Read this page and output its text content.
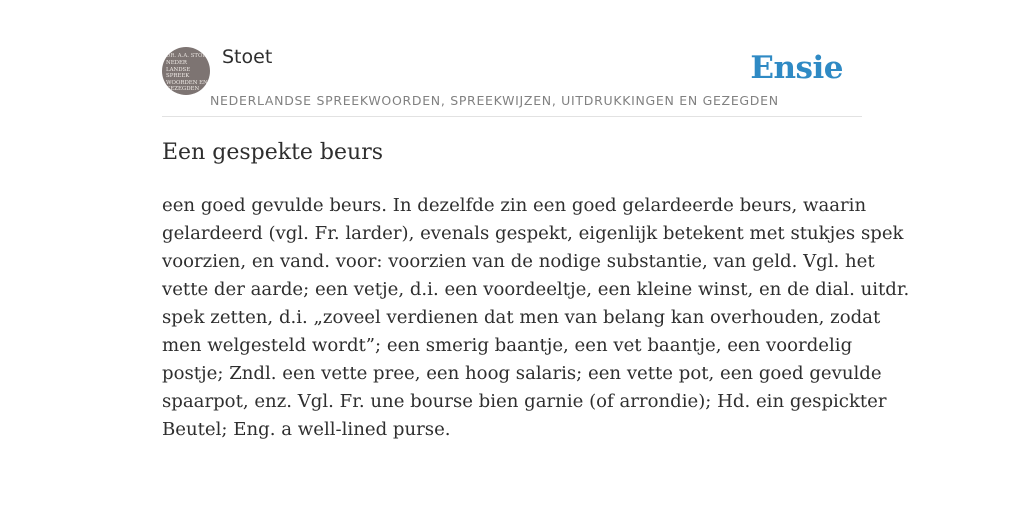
DR. A.A. STOET
NEDER
LANDSE
SPREEK
WOORDEN EN
GEZEGDEN
Stoet	Ensie
NEDERLANDSE SPREEKWOORDEN, SPREEKWIJZEN, UITDRUKKINGEN EN GEZEGDEN
Een gespekte beurs
een goed gevulde beurs. In dezelfde zin een goed gelardeerde beurs, waarin
gelardeerd (vgl. Fr. larder), evenals gespekt, eigenlijk betekent met stukjes spek
voorzien, en vand. voor: voorzien van de nodige substantie, van geld. Vgl. het
vette der aarde; een vetje, d.i. een voordeeltje, een kleine winst, en de dial. uitdr.
spek zetten, d.i. „zoveel verdienen dat men van belang kan overhouden, zodat
men welgesteld wordt”; een smerig baantje, een vet baantje, een voordelig
postje; Zndl. een vette pree, een hoog salaris; een vette pot, een goed gevulde
spaarpot, enz. Vgl. Fr. une bourse bien garnie (of arrondie); Hd. ein gespickter
Beutel; Eng. a well-lined purse.
